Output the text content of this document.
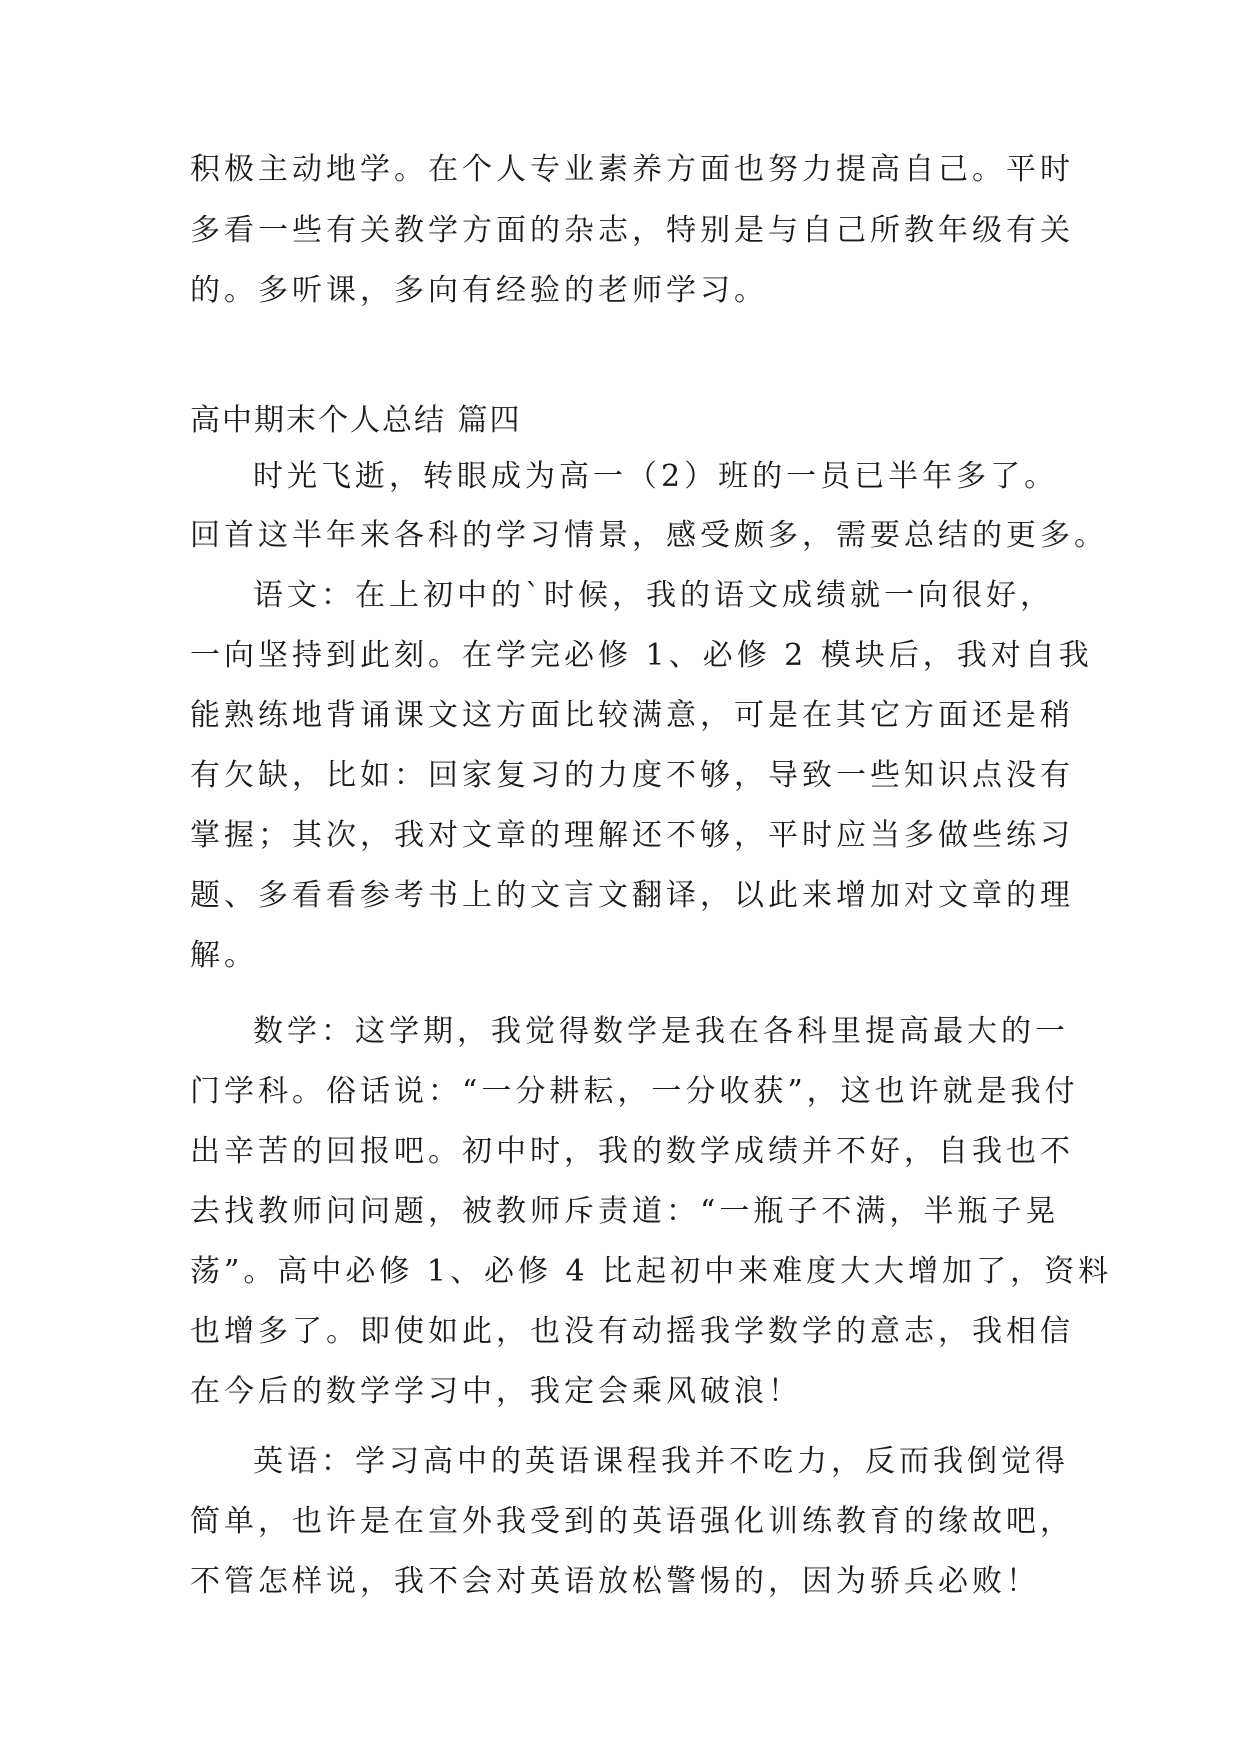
积极主动地学。在个人专业素养方面也努力提高自己。平时
多看一些有关教学方面的杂志，特别是与自己所教年级有关
的。多听课，多向有经验的老师学习。
高中期末个人总结 篇四
时光飞逝，转眼成为高一（2）班的一员已半年多了。
回首这半年来各科的学习情景，感受颇多，需要总结的更多。
语文：在上初中的`时候，我的语文成绩就一向很好，
一向坚持到此刻。在学完必修 1、必修 2 模块后，我对自我
能熟练地背诵课文这方面比较满意，可是在其它方面还是稍
有欠缺，比如：回家复习的力度不够，导致一些知识点没有
掌握；其次，我对文章的理解还不够，平时应当多做些练习
题、多看看参考书上的文言文翻译，以此来增加对文章的理
解。
数学：这学期，我觉得数学是我在各科里提高最大的一
门学科。俗话说：“一分耕耘，一分收获”，这也许就是我付
出辛苦的回报吧。初中时，我的数学成绩并不好，自我也不
去找教师问问题，被教师斥责道：“一瓶子不满，半瓶子晃
荡”。高中必修 1、必修 4 比起初中来难度大大增加了，资料
也增多了。即使如此，也没有动摇我学数学的意志，我相信
在今后的数学学习中，我定会乘风破浪！
英语：学习高中的英语课程我并不吃力，反而我倒觉得
简单，也许是在宣外我受到的英语强化训练教育的缘故吧，
不管怎样说，我不会对英语放松警惕的，因为骄兵必败！
